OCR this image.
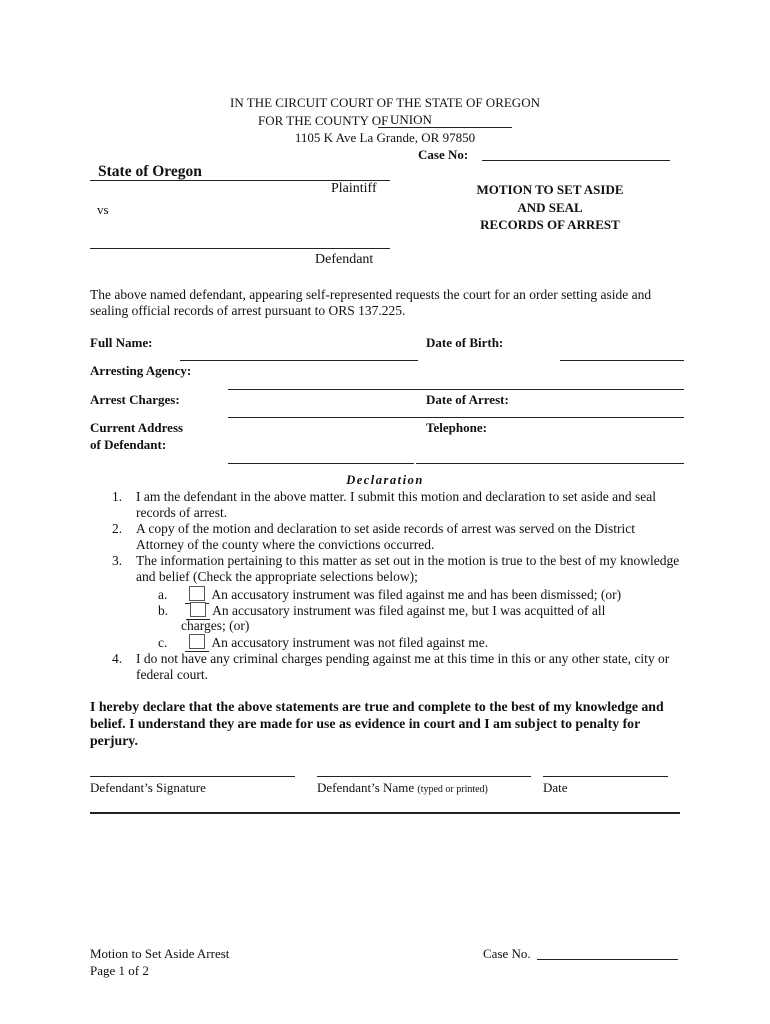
IN THE CIRCUIT COURT OF THE STATE OF OREGON
FOR THE COUNTY OF UNION
1105 K Ave La Grande, OR 97850
Case No:
State of Oregon
Plaintiff
vs
Defendant
MOTION TO SET ASIDE
AND SEAL
RECORDS OF ARREST
The above named defendant, appearing self-represented requests the court for an order setting aside and sealing official records of arrest pursuant to ORS 137.225.
Full Name:	Date of Birth:
Arresting Agency:
Arrest Charges:	Date of Arrest:
Current Address
of Defendant:
Telephone:
Declaration
1. I am the defendant in the above matter. I submit this motion and declaration to set aside and seal records of arrest.
2. A copy of the motion and declaration to set aside records of arrest was served on the District Attorney of the county where the convictions occurred.
3. The information pertaining to this matter as set out in the motion is true to the best of my knowledge and belief (Check the appropriate selections below);
a.	An accusatory instrument was filed against me and has been dismissed; (or)
b.	An accusatory instrument was filed against me, but I was acquitted of all
charges; (or)
c.	An accusatory instrument was not filed against me.
4. I do not have any criminal charges pending against me at this time in this or any other state, city or federal court.
I hereby declare that the above statements are true and complete to the best of my knowledge and belief. I understand they are made for use as evidence in court and I am subject to penalty for perjury.
Defendant’s Signature	Defendant’s Name (typed or printed)	Date
Motion to Set Aside Arrest
Page 1 of 2
Case No.
